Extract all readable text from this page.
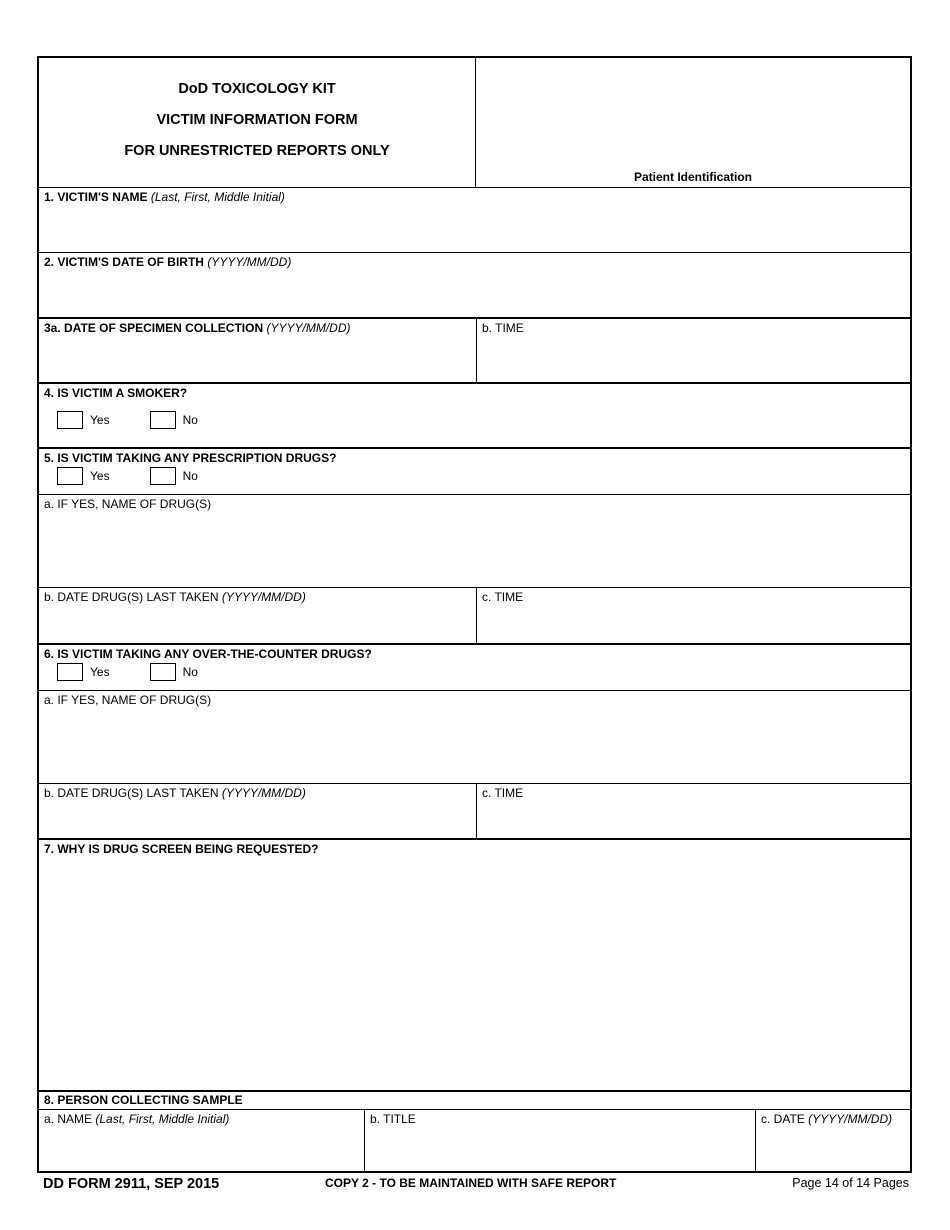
DoD TOXICOLOGY KIT
VICTIM INFORMATION FORM
FOR UNRESTRICTED REPORTS ONLY
Patient Identification
1. VICTIM'S NAME (Last, First, Middle Initial)
2. VICTIM'S DATE OF BIRTH (YYYY/MM/DD)
3a. DATE OF SPECIMEN COLLECTION (YYYY/MM/DD)	b. TIME
4. IS VICTIM A SMOKER?
Yes	No
5. IS VICTIM TAKING ANY PRESCRIPTION DRUGS?
Yes	No
a. IF YES, NAME OF DRUG(S)
b. DATE DRUG(S) LAST TAKEN (YYYY/MM/DD)	c. TIME
6. IS VICTIM TAKING ANY OVER-THE-COUNTER DRUGS?
Yes	No
a. IF YES, NAME OF DRUG(S)
b. DATE DRUG(S) LAST TAKEN (YYYY/MM/DD)	c. TIME
7. WHY IS DRUG SCREEN BEING REQUESTED?
8. PERSON COLLECTING SAMPLE
a. NAME (Last, First, Middle Initial)	b. TITLE	c. DATE (YYYY/MM/DD)
DD FORM 2911, SEP 2015	COPY 2 - TO BE MAINTAINED WITH SAFE REPORT	Page 14 of 14 Pages
